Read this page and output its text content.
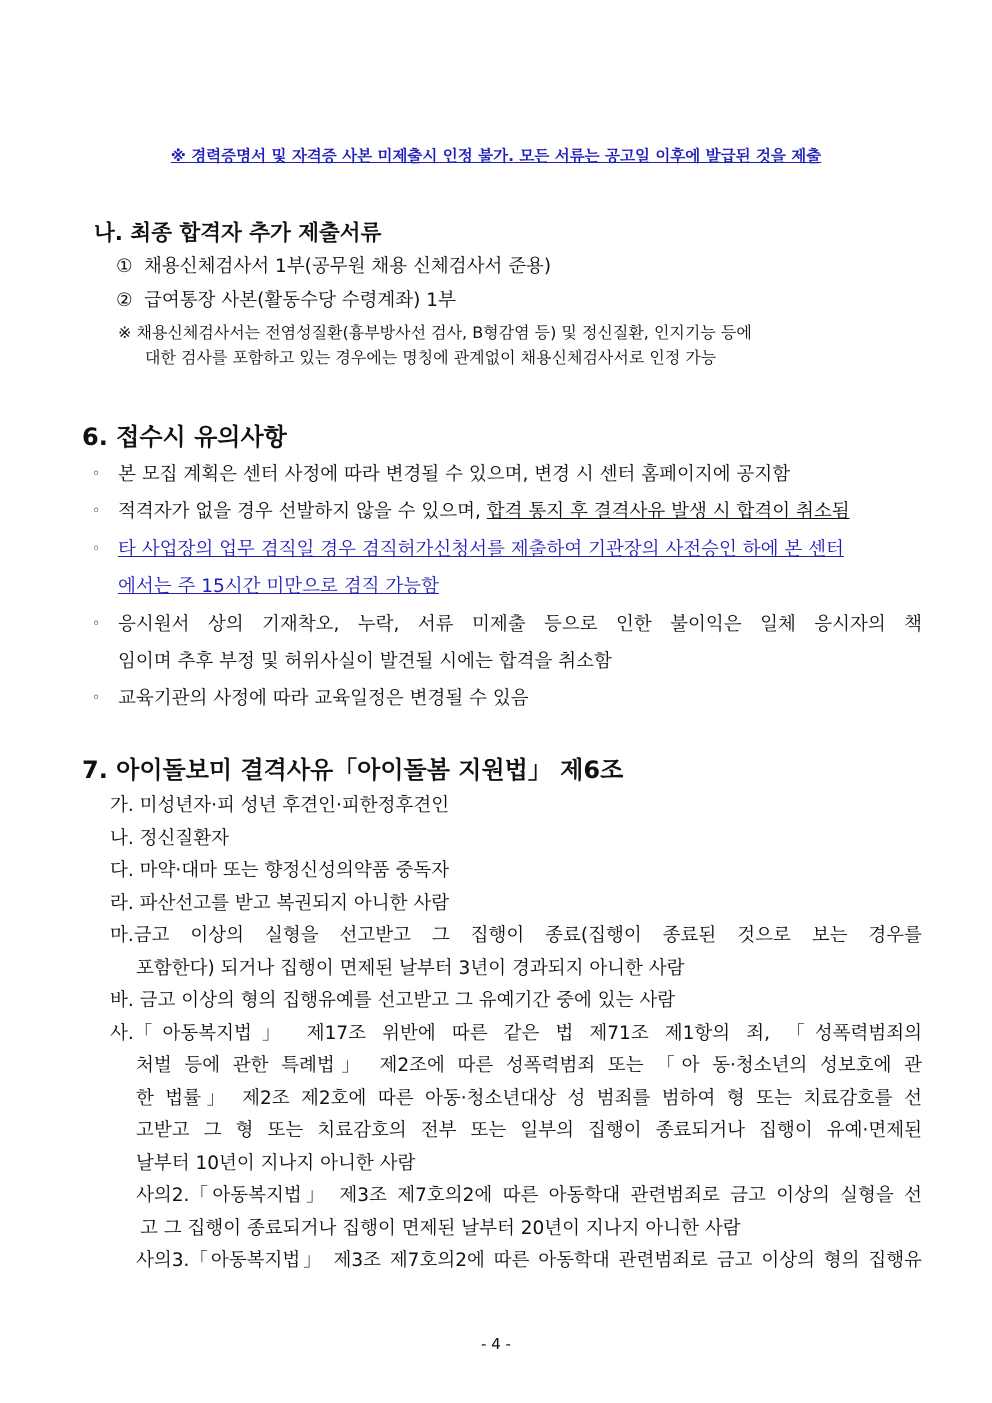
※ 경력증명서 및 자격증 사본 미제출시 인정 불가. 모든 서류는 공고일 이후에 발급된 것을 제출
나. 최종 합격자 추가 제출서류
① 채용신체검사서 1부(공무원 채용 신체검사서 준용)
② 급여통장 사본(활동수당 수령계좌) 1부
※ 채용신체검사서는 전염성질환(흉부방사선 검사, B형감염 등) 및 정신질환, 인지기능 등에
대한 검사를 포함하고 있는 경우에는 명칭에 관계없이 채용신체검사서로 인정 가능
6. 접수시 유의사항
◦ 본 모집 계획은 센터 사정에 따라 변경될 수 있으며, 변경 시 센터 홈페이지에 공지함
◦ 적격자가 없을 경우 선발하지 않을 수 있으며, 합격 통지 후 결격사유 발생 시 합격이 취소됨
◦ 타 사업장의 업무 겸직일 경우 겸직허가신청서를 제출하여 기관장의 사전승인 하에 본 센터
에서는 주 15시간 미만으로 겸직 가능함
◦ 응시원서 상의 기재착오, 누락, 서류 미제출 등으로 인한 불이익은 일체 응시자의 책
임이며 추후 부정 및 허위사실이 발견될 시에는 합격을 취소함
◦ 교육기관의 사정에 따라 교육일정은 변경될 수 있음
7. 아이돌보미 결격사유「아이돌봄 지원법」 제6조
가. 미성년자·피 성년 후견인·피한정후견인
나. 정신질환자
다. 마약·대마 또는 향정신성의약품 중독자
라. 파산선고를 받고 복권되지 아니한 사람
마. 금고 이상의 실형을 선고받고 그 집행이 종료(집행이 종료된 것으로 보는 경우를
포함한다) 되거나 집행이 면제된 날부터 3년이 경과되지 아니한 사람
바. 금고 이상의 형의 집행유예를 선고받고 그 유예기간 중에 있는 사람
사. 「아동복지법」 제17조 위반에 따른 같은 법 제71조 제1항의 죄, 「성폭력범죄의
처벌 등에 관한 특례법」 제2조에 따른 성폭력범죄 또는 「아 동·청소년의 성보호에 관
한 법률」 제2조 제2호에 따른 아동·청소년대상 성 범죄를 범하여 형 또는 치료감호를 선
고받고 그 형 또는 치료감호의 전부 또는 일부의 집행이 종료되거나 집행이 유예·면제된
날부터 10년이 지나지 아니한 사람
사의2. 「아동복지법」 제3조 제7호의2에 따른 아동학대 관련범죄로 금고 이상의 실형을 선
고 그 집행이 종료되거나 집행이 면제된 날부터 20년이 지나지 아니한 사람
사의3. 「아동복지법」 제3조 제7호의2에 따른 아동학대 관련범죄로 금고 이상의 형의 집행유
- 4 -
